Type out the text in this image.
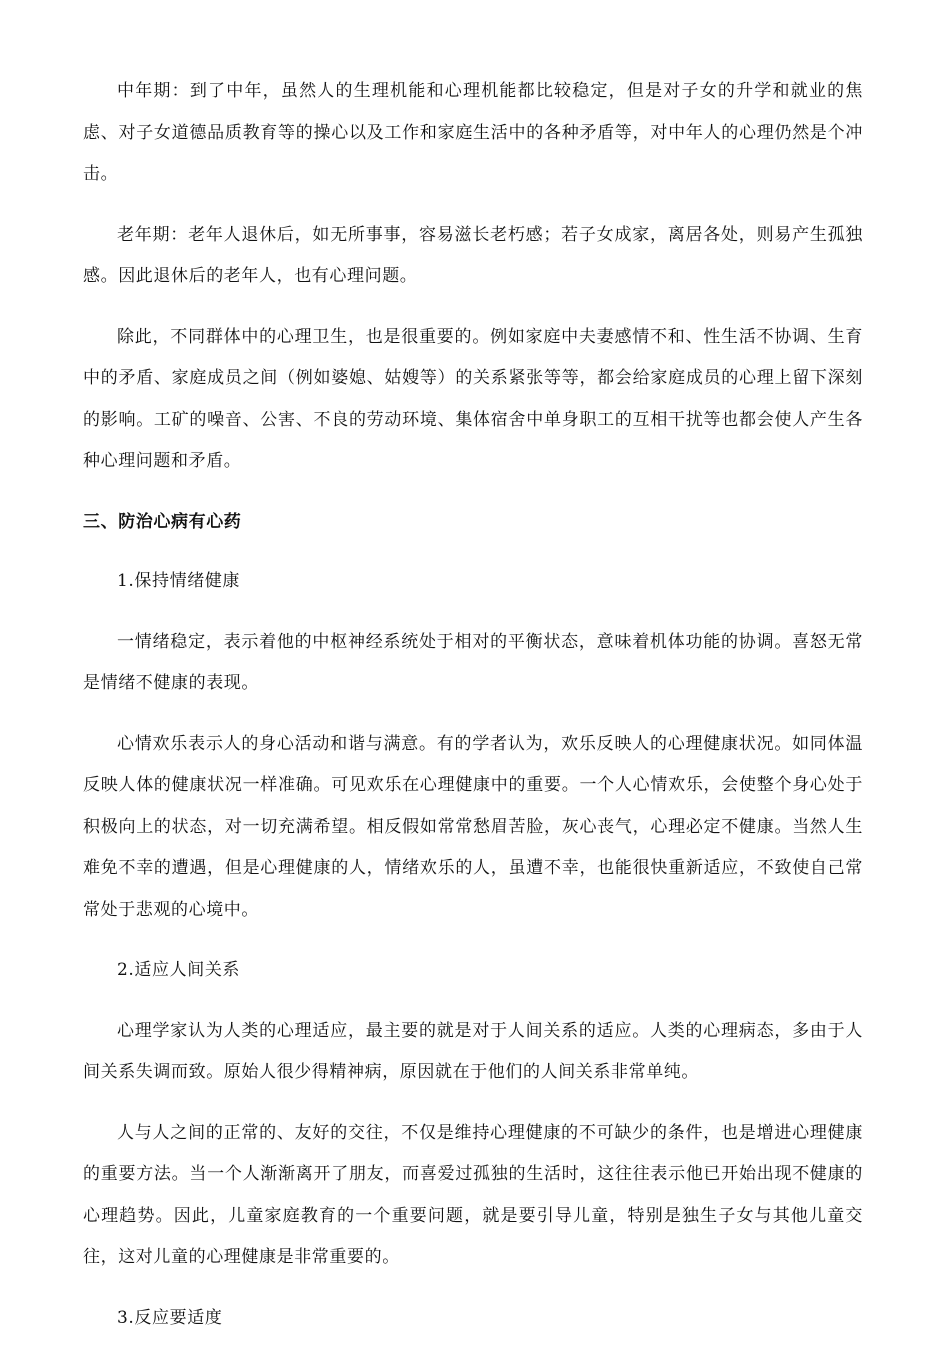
中年期：到了中年，虽然人的生理机能和心理机能都比较稳定，但是对子女的升学和就业的焦虑、对子女道德品质教育等的操心以及工作和家庭生活中的各种矛盾等，对中年人的心理仍然是个冲击。

老年期：老年人退休后，如无所事事，容易滋长老朽感；若子女成家，离居各处，则易产生孤独感。因此退休后的老年人，也有心理问题。

除此，不同群体中的心理卫生，也是很重要的。例如家庭中夫妻感情不和、性生活不协调、生育中的矛盾、家庭成员之间（例如婆媳、姑嫂等）的关系紧张等等，都会给家庭成员的心理上留下深刻的影响。工矿的噪音、公害、不良的劳动环境、集体宿舍中单身职工的互相干扰等也都会使人产生各种心理问题和矛盾。

三、防治心病有心药

1.保持情绪健康

一情绪稳定，表示着他的中枢神经系统处于相对的平衡状态，意味着机体功能的协调。喜怒无常是情绪不健康的表现。

心情欢乐表示人的身心活动和谐与满意。有的学者认为，欢乐反映人的心理健康状况。如同体温反映人体的健康状况一样准确。可见欢乐在心理健康中的重要。一个人心情欢乐，会使整个身心处于积极向上的状态，对一切充满希望。相反假如常常愁眉苦脸，灰心丧气，心理必定不健康。当然人生难免不幸的遭遇，但是心理健康的人，情绪欢乐的人，虽遭不幸，也能很快重新适应，不致使自己常常处于悲观的心境中。

2.适应人间关系

心理学家认为人类的心理适应，最主要的就是对于人间关系的适应。人类的心理病态，多由于人间关系失调而致。原始人很少得精神病，原因就在于他们的人间关系非常单纯。

人与人之间的正常的、友好的交往，不仅是维持心理健康的不可缺少的条件，也是增进心理健康的重要方法。当一个人渐渐离开了朋友，而喜爱过孤独的生活时，这往往表示他已开始出现不健康的心理趋势。因此，儿童家庭教育的一个重要问题，就是要引导儿童，特别是独生子女与其他儿童交往，这对儿童的心理健康是非常重要的。

3.反应要适度
